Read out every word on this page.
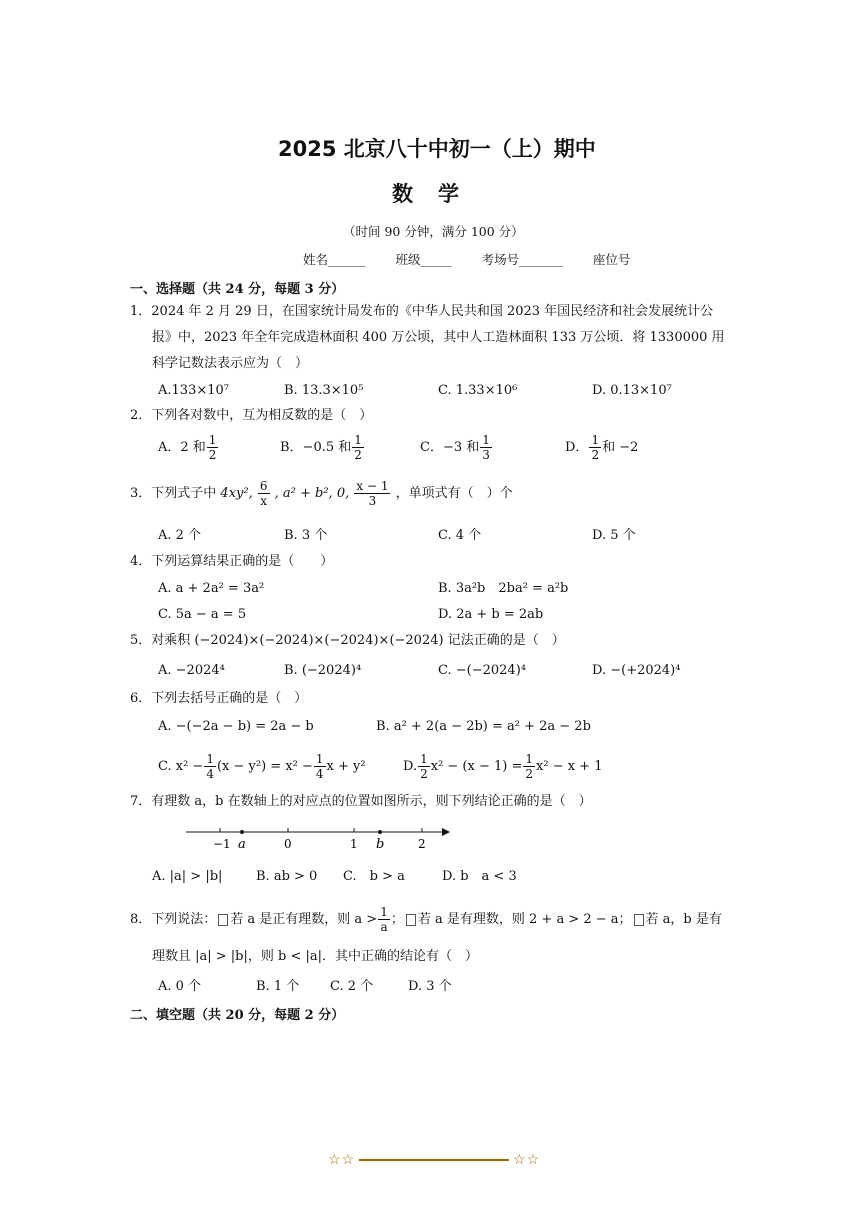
2025 北京八十中初一（上）期中
数　学
（时间 90 分钟，满分 100 分）
姓名______ 班级_____ 考场号_______ 座位号
一、选择题（共 24 分，每题 3 分）
1．2024 年 2 月 29 日，在国家统计局发布的《中华人民共和国 2023 年国民经济和社会发展统计公
报》中，2023 年全年完成造林面积 400 万公顷，其中人工造林面积 133 万公顷．将 1330000 用
科学记数法表示应为（　）
A.133×10⁷	B. 13.3×10⁵	C. 1.33×10⁶	D. 0.13×10⁷
2．下列各对数中，互为相反数的是（　）
A．2 和 $\frac{1}{2}$	B．−0.5 和 $\frac{1}{2}$	C．−3 和 $\frac{1}{3}$	D． $\frac{1}{2}$ 和 −2
3．下列式子中 4xy², $\frac{6}{x}$ , a² + b², 0, $\frac{x - 1}{3}$ ，单项式有（　）个
A. 2 个	B. 3 个	C. 4 个	D. 5 个
4．下列运算结果正确的是（　　）
A. a + 2a² = 3a²	B. 3a²b　2ba² = a²b
C. 5a − a = 5	D. 2a + b = 2ab
5．对乘积 (−2024)×(−2024)×(−2024)×(−2024) 记法正确的是（　）
A. −2024⁴	B. (−2024)⁴	C. −(−2024)⁴	D. −(+2024)⁴
6．下列去括号正确的是（　）
A. −(−2a − b) = 2a − b	B. a² + 2(a − 2b) = a² + 2a − 2b
C. $x^2 - \frac{1}{4} (x - y^2) = x^2 - \frac{1}{4}$ x + y²	D. $\frac{1}{2} x^2 - (x - 1) = \frac{1}{2} x^2 - x + 1$
7．有理数 a，b 在数轴上的对应点的位置如图所示，则下列结论正确的是（　）
−1 a	0	1 b	2
A. |a| > |b|	B. ab > 0 C.　b > a	D. b　a < 3
8．下列说法： 若 a 是正有理数，则 $a > \frac{1}{a}$ ； 若 a 是有理数，则 2 + a > 2 − a； 若 a，b 是有
理数且 |a| > |b|，则 b < |a|．其中正确的结论有（　）
A. 0 个	B. 1 个 C. 2 个	D. 3 个
二、填空题（共 20 分，每题 2 分）
☆☆	☆☆
